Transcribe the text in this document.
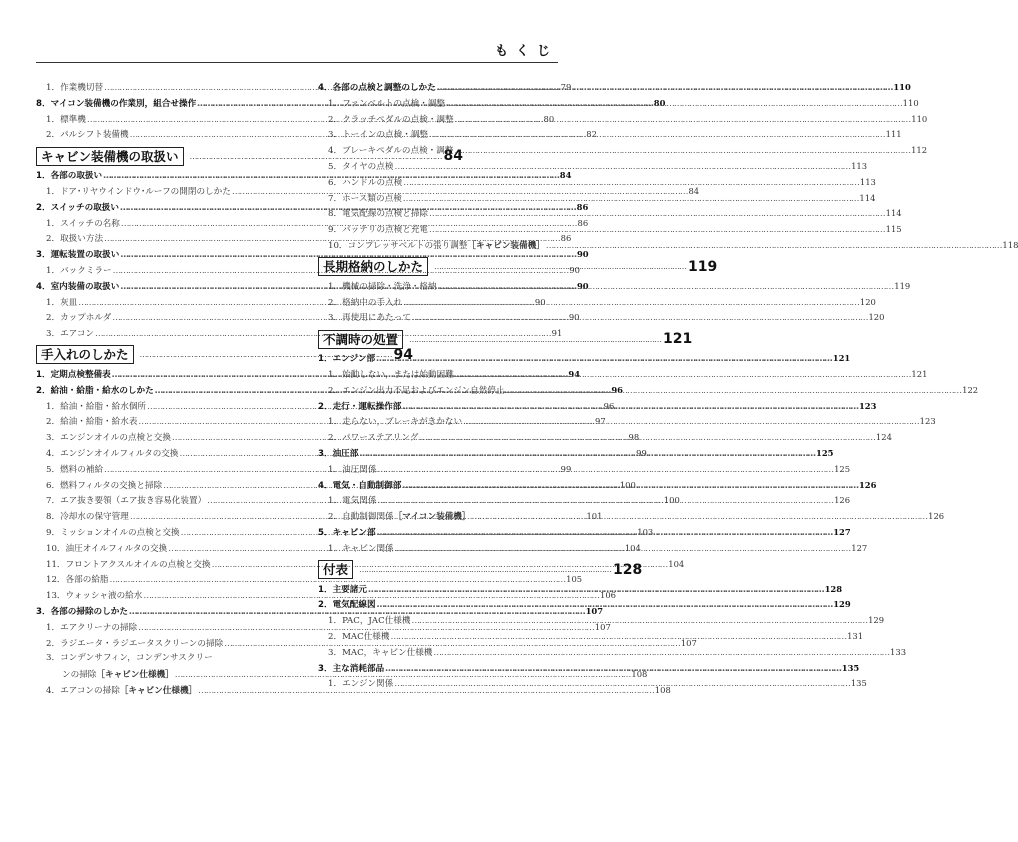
もくじ
1． 作業機切替 ………………………………………………………………………………………………………………………………………………………………	79
8． マイコン装備機の作業別，組合せ操作 ………………………………………………………………………………………………………………………………………………………………	80
1． 標準機 ………………………………………………………………………………………………………………………………………………………………	80
2． パルシフト装備機 ………………………………………………………………………………………………………………………………………………………………	82
キャビン装備機の取扱い ………………………………………………………………………………………………	84
1． 各部の取扱い ………………………………………………………………………………………………………………………………………………………………	84
1． ドア･リヤウインドウ･ルーフの開閉のしかた ………………………………………………………………………………………………………………………………………………………………	84
2． スイッチの取扱い ………………………………………………………………………………………………………………………………………………………………	86
1． スイッチの名称 ………………………………………………………………………………………………………………………………………………………………	86
2． 取扱い方法 ………………………………………………………………………………………………………………………………………………………………	86
3． 運転装置の取扱い ………………………………………………………………………………………………………………………………………………………………	90
1． バックミラー ………………………………………………………………………………………………………………………………………………………………	90
4． 室内装備の取扱い ………………………………………………………………………………………………………………………………………………………………	90
1． 灰皿 ………………………………………………………………………………………………………………………………………………………………	90
2． カップホルダ ………………………………………………………………………………………………………………………………………………………………	90
3． エアコン ………………………………………………………………………………………………………………………………………………………………	91
手入れのしかた ………………………………………………………………………………………………	94
1． 定期点検整備表 ………………………………………………………………………………………………………………………………………………………………	94
2． 給油・給脂・給水のしかた ………………………………………………………………………………………………………………………………………………………………	96
1． 給油・給脂・給水個所 ………………………………………………………………………………………………………………………………………………………………	96
2． 給油・給脂・給水表 ………………………………………………………………………………………………………………………………………………………………	97
3． エンジンオイルの点検と交換 ………………………………………………………………………………………………………………………………………………………………	98
4． エンジンオイルフィルタの交換 ………………………………………………………………………………………………………………………………………………………………	99
5． 燃料の補給 ………………………………………………………………………………………………………………………………………………………………	99
6． 燃料フィルタの交換と掃除 ………………………………………………………………………………………………………………………………………………………………	100
7． エア抜き要領（エア抜き容易化装置） ………………………………………………………………………………………………………………………………………………………………	100
8． 冷却水の保守管理 ………………………………………………………………………………………………………………………………………………………………	101
9． ミッションオイルの点検と交換 ………………………………………………………………………………………………………………………………………………………………	103
10． 油圧オイルフィルタの交換 ………………………………………………………………………………………………………………………………………………………………	104
11． フロントアクスルオイルの点検と交換 ………………………………………………………………………………………………………………………………………………………………	104
12． 各部の給脂 ………………………………………………………………………………………………………………………………………………………………	105
13． ウォッシャ液の給水 ………………………………………………………………………………………………………………………………………………………………	106
3． 各部の掃除のしかた ………………………………………………………………………………………………………………………………………………………………	107
1． エアクリーナの掃除 ………………………………………………………………………………………………………………………………………………………………	107
2． ラジエータ・ラジエータスクリーンの掃除 ………………………………………………………………………………………………………………………………………………………………	107
3． コンデンサフィン，コンデンサスクリー
ンの掃除 ［キャビン仕様機］ ………………………………………………………………………………………………………………………………………………………………	108
4． エアコンの掃除 ［キャビン仕様機］ ………………………………………………………………………………………………………………………………………………………………	108
4． 各部の点検と調整のしかた ………………………………………………………………………………………………………………………………………………………………	110
1． ファンベルトの点検・調整 ………………………………………………………………………………………………………………………………………………………………	110
2． クラッチペダルの点検・調整 ………………………………………………………………………………………………………………………………………………………………	110
3． トーインの点検・調整 ………………………………………………………………………………………………………………………………………………………………	111
4． ブレーキペダルの点検・調整 ………………………………………………………………………………………………………………………………………………………………	112
5． タイヤの点検 ………………………………………………………………………………………………………………………………………………………………	113
6． ハンドルの点検 ………………………………………………………………………………………………………………………………………………………………	113
7． ホース類の点検 ………………………………………………………………………………………………………………………………………………………………	114
8． 電気配線の点検と掃除 ………………………………………………………………………………………………………………………………………………………………	114
9． バッテリの点検と充電 ………………………………………………………………………………………………………………………………………………………………	115
10． コンプレッサベルトの張り調整 ［キャビン装備機］ ………………………………………………………………………………………………………………………………………………………………	118
長期格納のしかた ………………………………………………………………………………………………	119
1． 機械の掃除・洗浄・格納 ………………………………………………………………………………………………………………………………………………………………	119
2． 格納中の手入れ ………………………………………………………………………………………………………………………………………………………………	120
3． 再使用にあたって ………………………………………………………………………………………………………………………………………………………………	120
不調時の処置 ………………………………………………………………………………………………	121
1． エンジン部 ………………………………………………………………………………………………………………………………………………………………	121
1． 始動しない，または始動困難 ………………………………………………………………………………………………………………………………………………………………	121
2． エンジン出力不足およびエンジン自然停止 ………………………………………………………………………………………………………………………………………………………………	122
2． 走行・運転操作部 ………………………………………………………………………………………………………………………………………………………………	123
1． 走らない，ブレーキがきかない ………………………………………………………………………………………………………………………………………………………………	123
2． パワーステアリング ………………………………………………………………………………………………………………………………………………………………	124
3． 油圧部 ………………………………………………………………………………………………………………………………………………………………	125
1． 油圧関係 ………………………………………………………………………………………………………………………………………………………………	125
4． 電気・自動制御部 ………………………………………………………………………………………………………………………………………………………………	126
1． 電気関係 ………………………………………………………………………………………………………………………………………………………………	126
2． 自動制御関係 ［マイコン装備機］ ………………………………………………………………………………………………………………………………………………………………	126
5． キャビン部 ………………………………………………………………………………………………………………………………………………………………	127
1． キャビン関係 ………………………………………………………………………………………………………………………………………………………………	127
付表 ………………………………………………………………………………………………	128
1． 主要諸元 ………………………………………………………………………………………………………………………………………………………………	128
2． 電気配線図 ………………………………………………………………………………………………………………………………………………………………	129
1． PAC，JAC仕様機 ………………………………………………………………………………………………………………………………………………………………	129
2． MAC仕様機 ………………………………………………………………………………………………………………………………………………………………	131
3． MAC，キャビン仕様機 ………………………………………………………………………………………………………………………………………………………………	133
3． 主な消耗部品 ………………………………………………………………………………………………………………………………………………………………	135
1． エンジン関係 ………………………………………………………………………………………………………………………………………………………………	135
